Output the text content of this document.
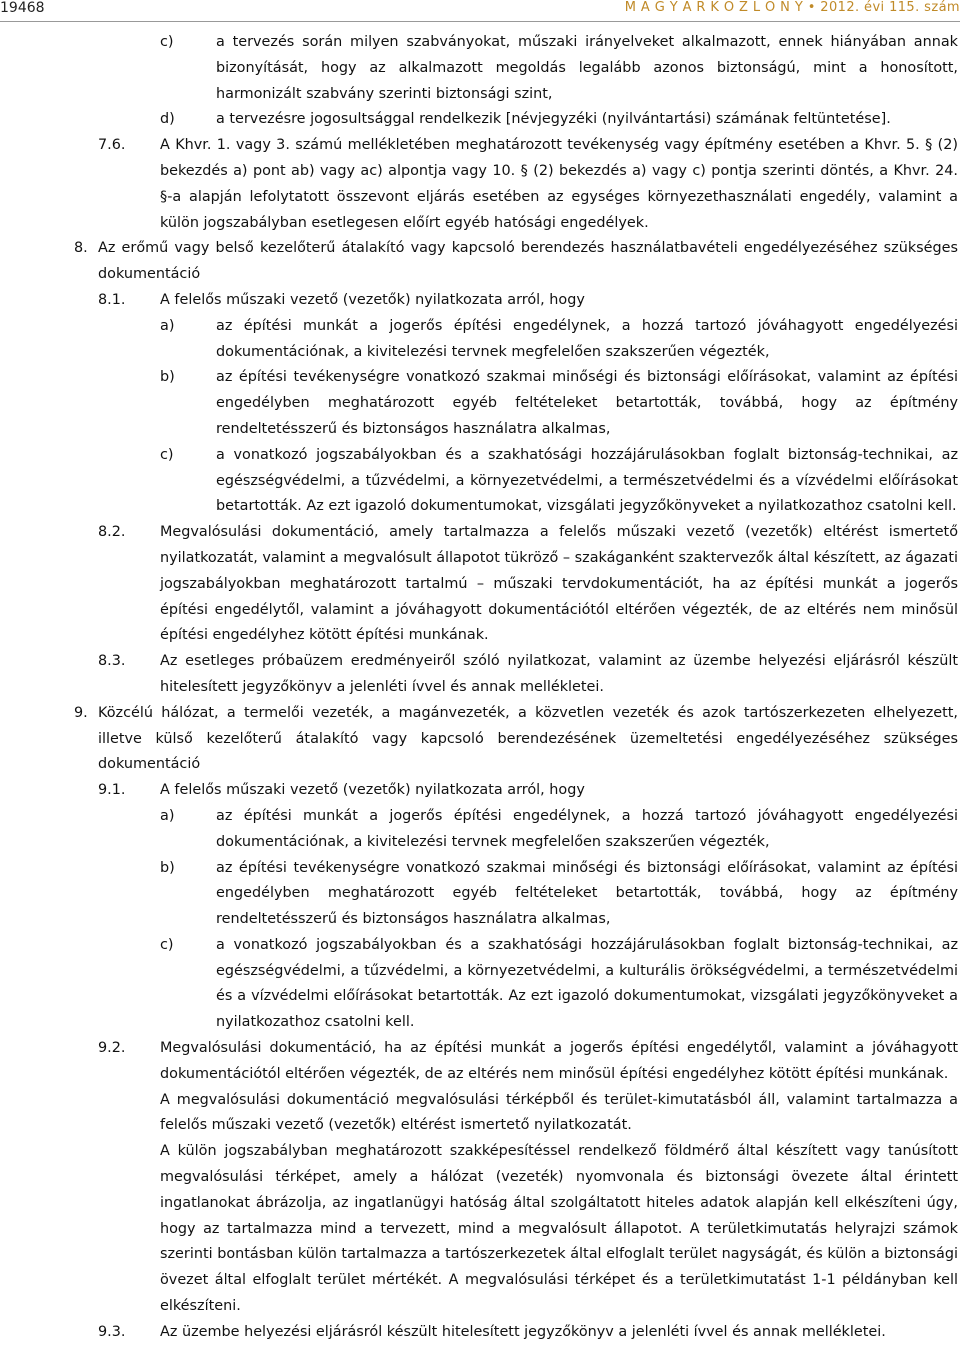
19468	M A G Y A R K Ö Z L Ö N Y • 2012. évi 115. szám
c)	a tervezés során milyen szabványokat, műszaki irányelveket alkalmazott, ennek hiányában annak bizonyítását, hogy az alkalmazott megoldás legalább azonos biztonságú, mint a honosított, harmonizált szabvány szerinti biztonsági szint,

d)	a tervezésre jogosultsággal rendelkezik [névjegyzéki (nyilvántartási) számának feltüntetése].

7.6. A Khvr. 1. vagy 3. számú mellékletében meghatározott tevékenység vagy építmény esetében a Khvr. 5. § (2) bekezdés a) pont ab) vagy ac) alpontja vagy 10. § (2) bekezdés a) vagy c) pontja szerinti döntés, a Khvr. 24. §-a alapján lefolytatott összevont eljárás esetében az egységes környezethasználati engedély, valamint a külön jogszabályban esetlegesen előírt egyéb hatósági engedélyek.

8. Az erőmű vagy belső kezelőterű átalakító vagy kapcsoló berendezés használatbavételi engedélyezéséhez szükséges dokumentáció

8.1. A felelős műszaki vezető (vezetők) nyilatkozata arról, hogy

a)	az építési munkát a jogerős építési engedélynek, a hozzá tartozó jóváhagyott engedélyezési dokumentációnak, a kivitelezési tervnek megfelelően szakszerűen végezték,

b)	az építési tevékenységre vonatkozó szakmai minőségi és biztonsági előírásokat, valamint az építési engedélyben meghatározott egyéb feltételeket betartották, továbbá, hogy az építmény rendeltetésszerű és biztonságos használatra alkalmas,

c)	a vonatkozó jogszabályokban és a szakhatósági hozzájárulásokban foglalt biztonság-technikai, az egészségvédelmi, a tűzvédelmi, a környezetvédelmi, a természetvédelmi és a vízvédelmi előírásokat betartották. Az ezt igazoló dokumentumokat, vizsgálati jegyzőkönyveket a nyilatkozathoz csatolni kell.

8.2. Megvalósulási dokumentáció, amely tartalmazza a felelős műszaki vezető (vezetők) eltérést ismertető nyilatkozatát, valamint a megvalósult állapotot tükröző – szakáganként szaktervezők által készített, az ágazati jogszabályokban meghatározott tartalmú – műszaki tervdokumentációt, ha az építési munkát a jogerős építési engedélytől, valamint a jóváhagyott dokumentációtól eltérően végezték, de az eltérés nem minősül építési engedélyhez kötött építési munkának.

8.3. Az esetleges próbaüzem eredményeiről szóló nyilatkozat, valamint az üzembe helyezési eljárásról készült hitelesített jegyzőkönyv a jelenléti ívvel és annak mellékletei.

9. Közcélú hálózat, a termelői vezeték, a magánvezeték, a közvetlen vezeték és azok tartószerkezeten elhelyezett, illetve külső kezelőterű átalakító vagy kapcsoló berendezésének üzemeltetési engedélyezéséhez szükséges dokumentáció

9.1. A felelős műszaki vezető (vezetők) nyilatkozata arról, hogy

a)	az építési munkát a jogerős építési engedélynek, a hozzá tartozó jóváhagyott engedélyezési dokumentációnak, a kivitelezési tervnek megfelelően szakszerűen végezték,

b)	az építési tevékenységre vonatkozó szakmai minőségi és biztonsági előírásokat, valamint az építési engedélyben meghatározott egyéb feltételeket betartották, továbbá, hogy az építmény rendeltetésszerű és biztonságos használatra alkalmas,

c)	a vonatkozó jogszabályokban és a szakhatósági hozzájárulásokban foglalt biztonság-technikai, az egészségvédelmi, a tűzvédelmi, a környezetvédelmi, a kulturális örökségvédelmi, a természetvédelmi és a vízvédelmi előírásokat betartották. Az ezt igazoló dokumentumokat, vizsgálati jegyzőkönyveket a nyilatkozathoz csatolni kell.

9.2. Megvalósulási dokumentáció, ha az építési munkát a jogerős építési engedélytől, valamint a jóváhagyott dokumentációtól eltérően végezték, de az eltérés nem minősül építési engedélyhez kötött építési munkának.

A megvalósulási dokumentáció megvalósulási térképből és terület-kimutatásból áll, valamint tartalmazza a felelős műszaki vezető (vezetők) eltérést ismertető nyilatkozatát.

A külön jogszabályban meghatározott szakképesítéssel rendelkező földmérő által készített vagy tanúsított megvalósulási térképet, amely a hálózat (vezeték) nyomvonala és biztonsági övezete által érintett ingatlanokat ábrázolja, az ingatlanügyi hatóság által szolgáltatott hiteles adatok alapján kell elkészíteni úgy, hogy az tartalmazza mind a tervezett, mind a megvalósult állapotot. A területkimutatás helyrajzi számok szerinti bontásban külön tartalmazza a tartószerkezetek által elfoglalt terület nagyságát, és külön a biztonsági övezet által elfoglalt terület mértékét. A megvalósulási térképet és a területkimutatást 1-1 példányban kell elkészíteni.

9.3. Az üzembe helyezési eljárásról készült hitelesített jegyzőkönyv a jelenléti ívvel és annak mellékletei.
